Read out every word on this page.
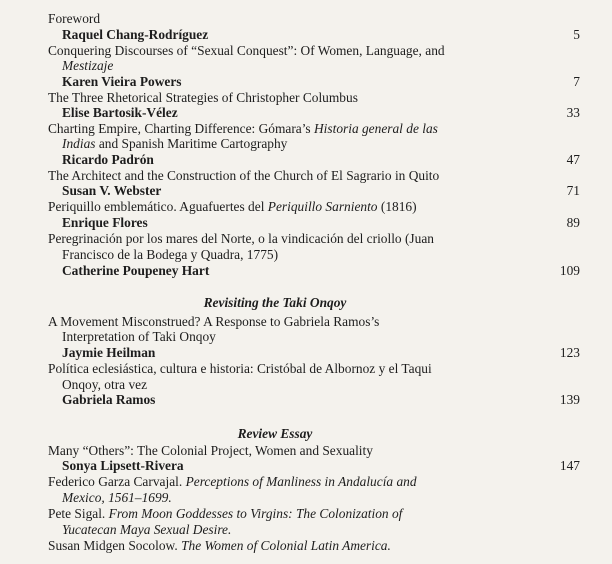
Foreword
Raquel Chang-Rodríguez	5
Conquering Discourses of “Sexual Conquest”: Of Women, Language, and
Mestizaje
Karen Vieira Powers	7
The Three Rhetorical Strategies of Christopher Columbus
Elise Bartosik-Vélez	33
Charting Empire, Charting Difference: Gómara’s Historia general de las
Indias and Spanish Maritime Cartography
Ricardo Padrón	47
The Architect and the Construction of the Church of El Sagrario in Quito
Susan V. Webster	71
Periquillo emblemático. Aguafuertes del Periquillo Sarniento (1816)
Enrique Flores	89
Peregrinación por los mares del Norte, o la vindicación del criollo (Juan
Francisco de la Bodega y Quadra, 1775)
Catherine Poupeney Hart	109
Revisiting the Taki Onqoy
A Movement Misconstrued? A Response to Gabriela Ramos’s
Interpretation of Taki Onqoy
Jaymie Heilman	123
Política eclesiástica, cultura e historia: Cristóbal de Albornoz y el Taqui
Onqoy, otra vez
Gabriela Ramos	139
Review Essay
Many “Others”: The Colonial Project, Women and Sexuality
Sonya Lipsett-Rivera	147
Federico Garza Carvajal. Perceptions of Manliness in Andalucía and
Mexico, 1561–1699.
Pete Sigal. From Moon Goddesses to Virgins: The Colonization of
Yucatecan Maya Sexual Desire.
Susan Midgen Socolow. The Women of Colonial Latin America.
